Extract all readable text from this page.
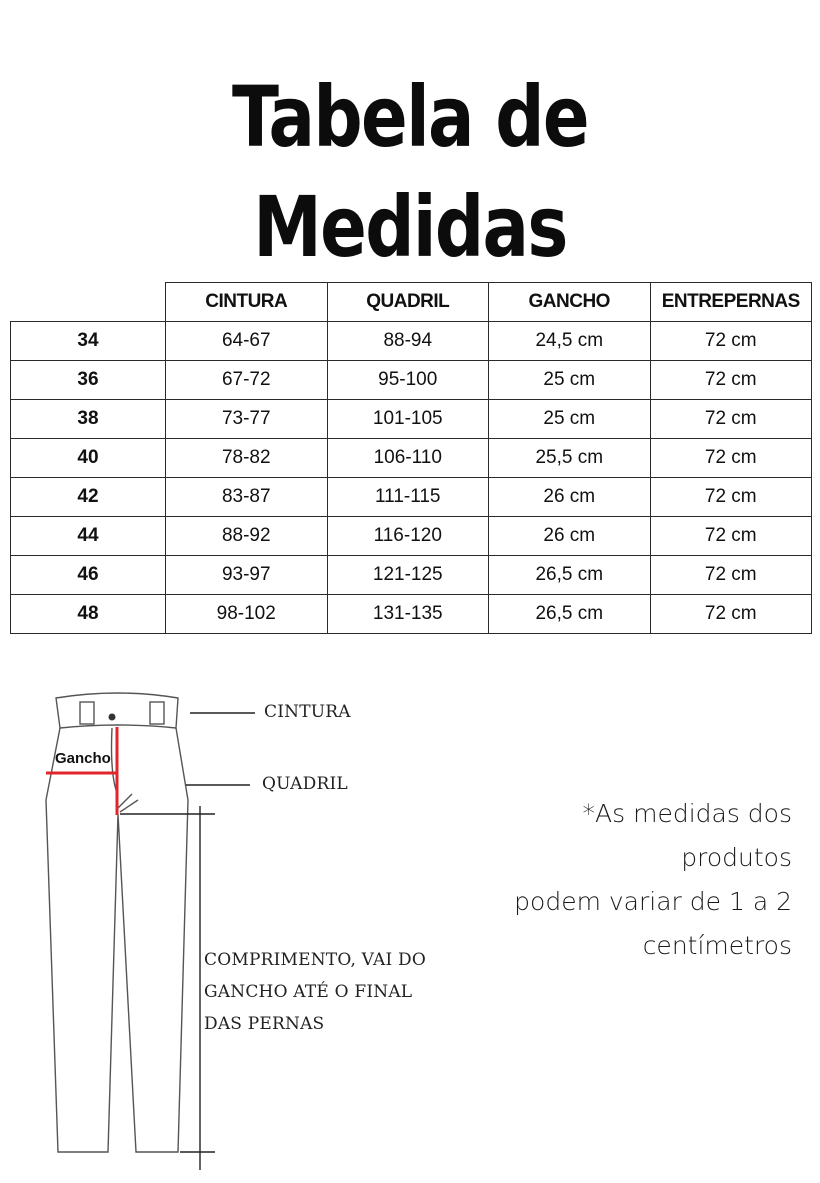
Tabela de Medidas
	CINTURA	QUADRIL	GANCHO	ENTREPERNAS
34	64-67	88-94	24,5 cm	72 cm
36	67-72	95-100	25 cm	72 cm
38	73-77	101-105	25 cm	72 cm
40	78-82	106-110	25,5 cm	72 cm
42	83-87	111-115	26 cm	72 cm
44	88-92	116-120	26 cm	72 cm
46	93-97	121-125	26,5 cm	72 cm
48	98-102	131-135	26,5 cm	72 cm
CINTURA
QUADRIL
Gancho
COMPRIMENTO, VAI DO
GANCHO ATÉ O FINAL
DAS PERNAS
*As medidas dos produtos
podem variar de 1 a 2
centímetros
